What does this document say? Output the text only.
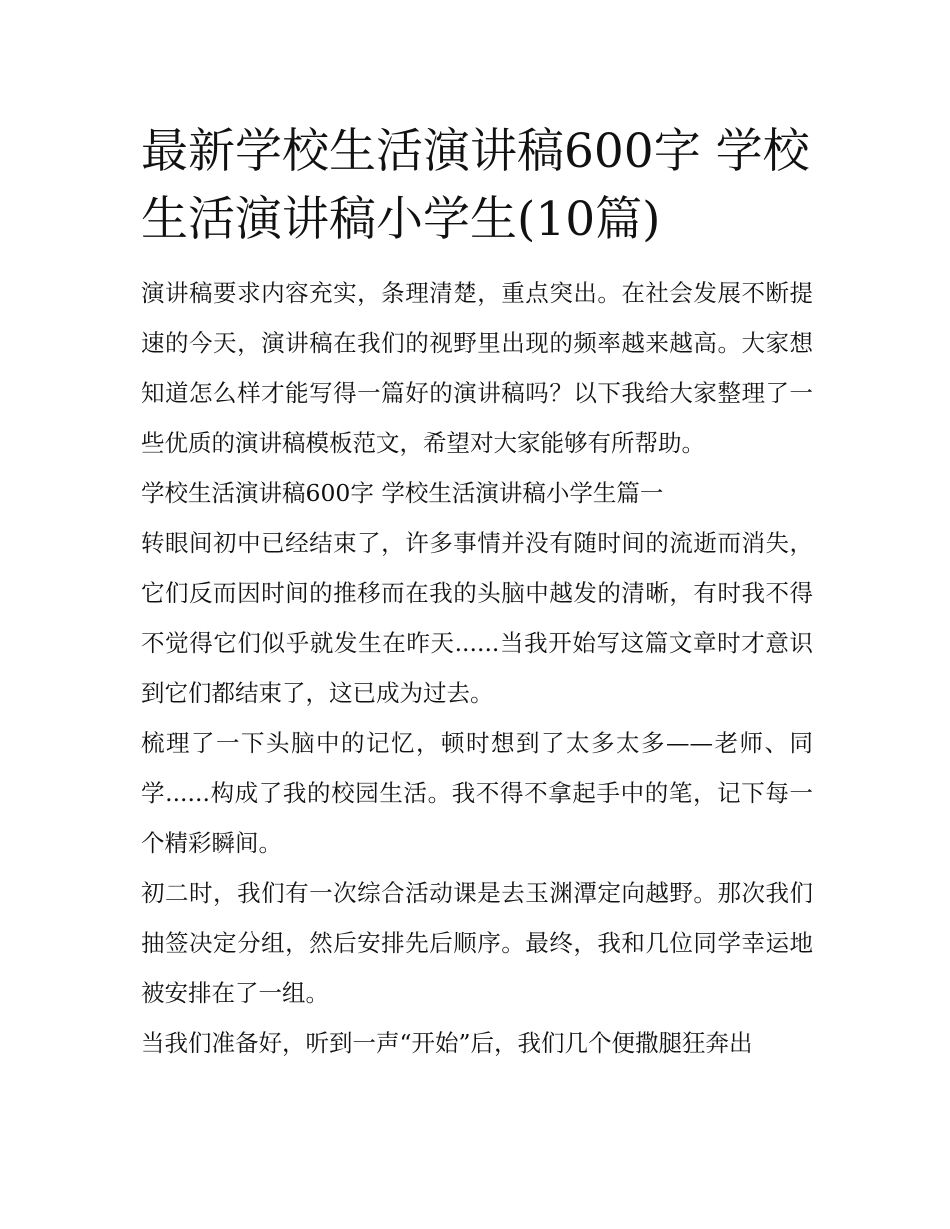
最新学校生活演讲稿600字 学校生活演讲稿小学生(10篇)

演讲稿要求内容充实，条理清楚，重点突出。在社会发展不断提速的今天，演讲稿在我们的视野里出现的频率越来越高。大家想知道怎么样才能写得一篇好的演讲稿吗？以下我给大家整理了一些优质的演讲稿模板范文，希望对大家能够有所帮助。

学校生活演讲稿600字 学校生活演讲稿小学生篇一

转眼间初中已经结束了，许多事情并没有随时间的流逝而消失，它们反而因时间的推移而在我的头脑中越发的清晰，有时我不得不觉得它们似乎就发生在昨天......当我开始写这篇文章时才意识到它们都结束了，这已成为过去。

梳理了一下头脑中的记忆，顿时想到了太多太多——老师、同学......构成了我的校园生活。我不得不拿起手中的笔，记下每一个精彩瞬间。

初二时，我们有一次综合活动课是去玉渊潭定向越野。那次我们抽签决定分组，然后安排先后顺序。最终，我和几位同学幸运地被安排在了一组。

当我们准备好，听到一声“开始”后，我们几个便撒腿狂奔出
